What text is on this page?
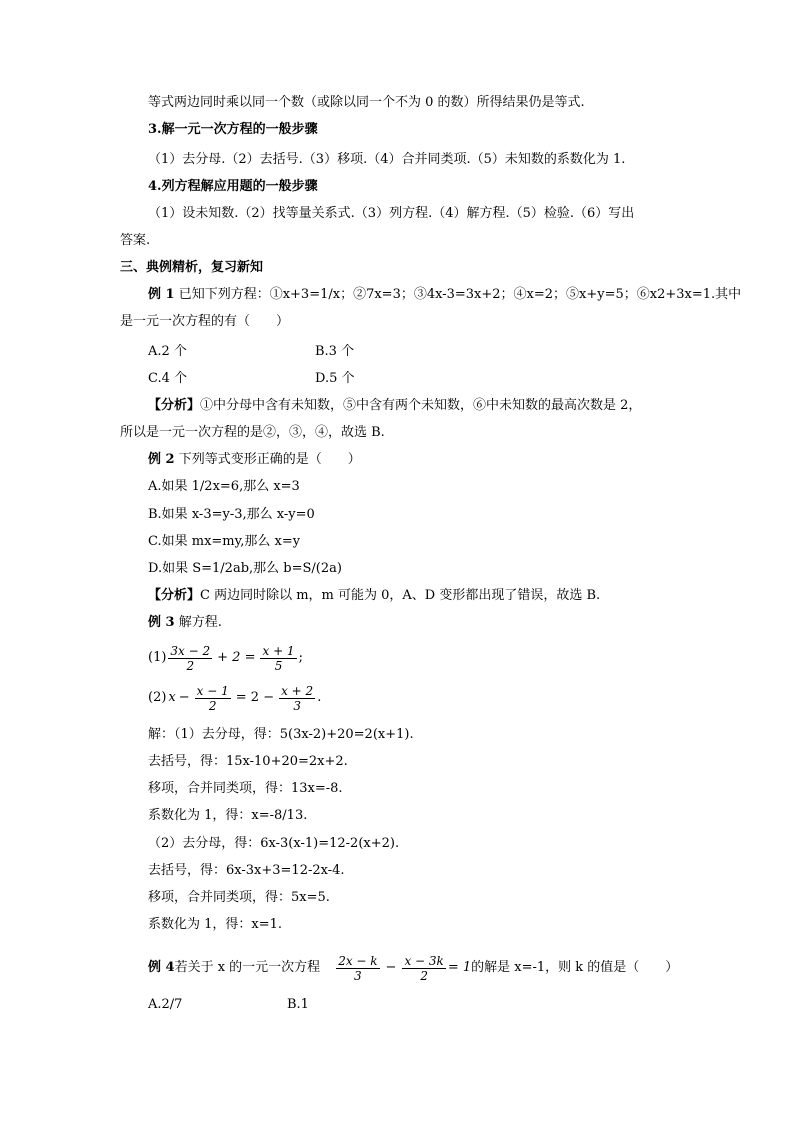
等式两边同时乘以同一个数（或除以同一个不为 0 的数）所得结果仍是等式.
3.解一元一次方程的一般步骤
（1）去分母.（2）去括号.（3）移项.（4）合并同类项.（5）未知数的系数化为 1.
4.列方程解应用题的一般步骤
（1）设未知数.（2）找等量关系式.（3）列方程.（4）解方程.（5）检验.（6）写出
答案.
三、典例精析，复习新知
例 1 已知下列方程：①x+3=1/x；②7x=3；③4x-3=3x+2；④x=2；⑤x+y=5；⑥x2+3x=1.其中
是一元一次方程的有（　　）
A.2 个	B.3 个
C.4 个	D.5 个
【分析】①中分母中含有未知数，⑤中含有两个未知数，⑥中未知数的最高次数是 2，
所以是一元一次方程的是②，③，④，故选 B.
例 2 下列等式变形正确的是（　　）
A.如果 1/2x=6,那么 x=3
B.如果 x-3=y-3,那么 x-y=0
C.如果 mx=my,那么 x=y
D.如果 S=1/2ab,那么 b=S/(2a)
【分析】C 两边同时除以 m，m 可能为 0，A、D 变形都出现了错误，故选 B.
例 3 解方程.
$(1) \frac{3x - 2}{2} + 2 = \frac{x + 1}{5}$ ;
(2) $x - \frac{x - 1}{2} = 2 - \frac{x + 2}{3}$ .
解：（1）去分母，得：5(3x-2)+20=2(x+1).
去括号，得：15x-10+20=2x+2.
移项，合并同类项，得：13x=-8.
系数化为 1，得：x=-8/13.
（2）去分母，得：6x-3(x-1)=12-2(x+2).
去括号，得：6x-3x+3=12-2x-4.
移项，合并同类项，得：5x=5.
系数化为 1，得：x=1.
例 4 若关于 x 的一元一次方程 $\frac{2x - k}{3} - \frac{x - 3k}{2} = 1$ 的解是 x=-1，则 k 的值是（　　）
A.2/7	B.1
